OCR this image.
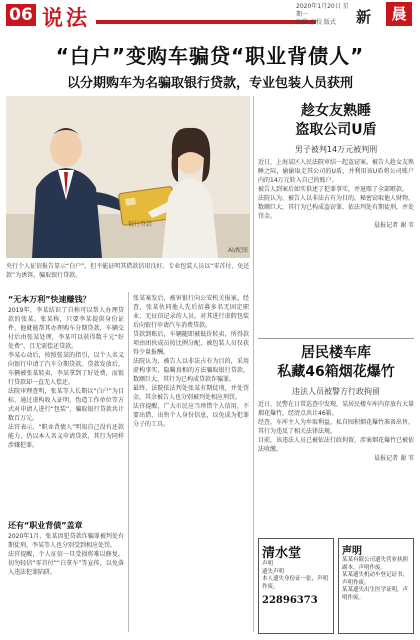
06 说法	2020年1月20日 星期一
编辑 审校 版式	新	晨
“白户”变购车骗贷“职业背债人”
以分期购车为名骗取银行贷款，专业包装人员获刑
银行贷款
AI/配图
央行个人征信报告显示“白户”，但不能证明其借款信用良好。专业包装人员以“零首付、免还款”为诱饵，骗取银行贷款。
趁女友熟睡
盗取公司U盾
男子被判14万元被判刑

近日，上海某区人民法院审结一起盗窃案。被告人趁女友熟睡之际，偷偷取走其公司的U盾，并利用该U盾将公司账户内的14万元转入自己的账户。

被告人到案后如实供述了犯罪事实，并退赔了全部赃款。

法院认为，被告人以非法占有为目的，秘密窃取他人财物，数额巨大，其行为已构成盗窃罪，依法判处有期徒刑，并处罚金。

晨报记者 谢 苇

居民楼车库
私藏46箱烟花爆竹
违法人员被警方行政拘留

近日，民警在日常巡查中发现，某居民楼车库内存放有大量烟花爆竹，经清点共计46箱。

经查，车库主人为牟取利益，私自囤积烟花爆竹准备出售，其行为违反了相关法律法规。

目前，该违法人员已被依法行政拘留，涉案烟花爆竹已被依法收缴。

晨报记者 谢 苇

“无本万利”快速赚钱？

2019年，李某结识了自称可以帮人办理贷款的张某。张某称，只要李某提供身份证件，他就能帮其办理购车分期贷款，车辆交付后由张某处理，李某可以获得数千元“好处费”，且无需偿还贷款。

李某心动后，按照张某的指引，以个人名义向银行申请了汽车分期贷款。贷款发放后，车辆被张某转卖，李某拿到了好处费，而银行贷款却一直无人偿还。

法院审理查明，张某等人长期以“白户”为目标，通过虚构收入证明、伪造工作单位等方式对申请人进行“包装”，骗取银行贷款共计数百万元。

法官表示，“职业背债人”明知自己没有还款能力，仍以本人名义申请贷款，其行为同样涉嫌犯罪。

还有“职业背债”盖章

2020年1月，张某因犯贷款诈骗罪被判处有期徒刑，李某等人也分别受到相应处罚。

法官提醒，个人征信一旦受损将难以修复，切勿轻信“零首付”“白拿车”等宣传，以免落入违法犯罪陷阱。

张某案发后，被害银行向公安机关报案。经查，张某伙同他人先后招募多名无固定职业、无征信记录的人员，对其进行虚假包装后向银行申请汽车消费贷款。

贷款到账后，车辆随即被低价转卖，所得款项由团伙成员按比例分配，被包装人员仅获得少量报酬。

法院认为，被告人以非法占有为目的，采用虚构事实、隐瞒真相的方法骗取银行贷款，数额巨大，其行为已构成贷款诈骗罪。

最终，法院依法判处张某有期徒刑，并处罚金，其余被告人也分别被判处相应刑罚。

法官提醒，广大市民应当珍惜个人信用，不要出借、出售个人身份信息，以免成为犯罪分子的工具。

清水堂
声明
遗失声明
本人遗失身份证一张，声明作废。
22896373
声明
某某有限公司遗失营业执照副本，声明作废。
某某遗失机动车登记证书，声明作废。
某某遗失出生医学证明，声明作废。
